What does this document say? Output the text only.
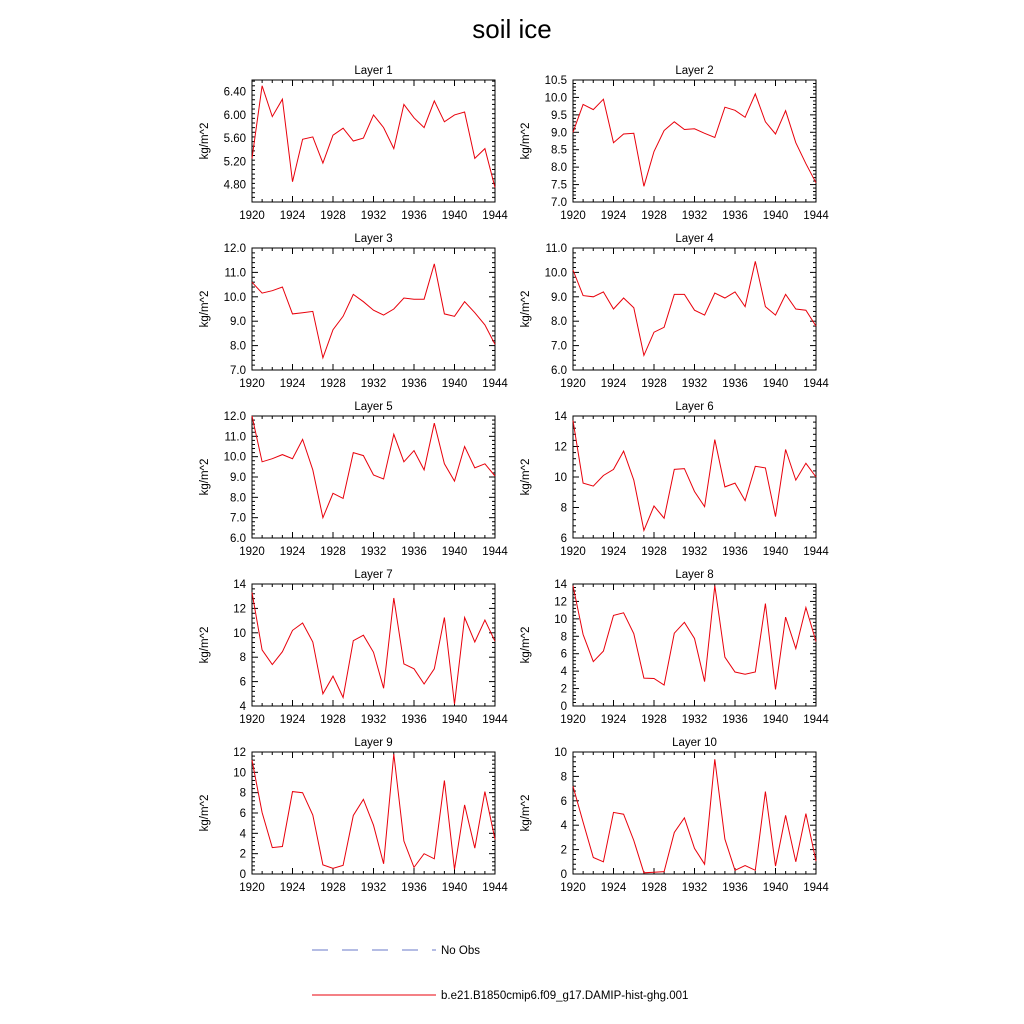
soil ice
Layer 1
1920 1924 1928 1932 1936 1940 1944
4.80
5.20
5.60
6.00
6.40
kg/m^2
Layer 2
1920 1924 1928 1932 1936 1940 1944
7.0
7.5
8.0
8.5
9.0
9.5
10.0
10.5
kg/m^2
Layer 3
1920 1924 1928 1932 1936 1940 1944
7.0
8.0
9.0
10.0
11.0
12.0
kg/m^2
Layer 4
1920 1924 1928 1932 1936 1940 1944
6.0
7.0
8.0
9.0
10.0
11.0
kg/m^2
Layer 5
1920 1924 1928 1932 1936 1940 1944
6.0
7.0
8.0
9.0
10.0
11.0
12.0
kg/m^2
Layer 6
1920 1924 1928 1932 1936 1940 1944
6
8
10
12
14
kg/m^2
Layer 7
1920 1924 1928 1932 1936 1940 1944
4
6
8
10
12
14
kg/m^2
Layer 8
1920 1924 1928 1932 1936 1940 1944
0
2
4
6
8
10
12
14
kg/m^2
Layer 9
1920 1924 1928 1932 1936 1940 1944
0
2
4
6
8
10
12
kg/m^2
Layer 10
1920 1924 1928 1932 1936 1940 1944
0
2
4
6
8
10
kg/m^2
No Obs
b.e21.B1850cmip6.f09_g17.DAMIP-hist-ghg.001
